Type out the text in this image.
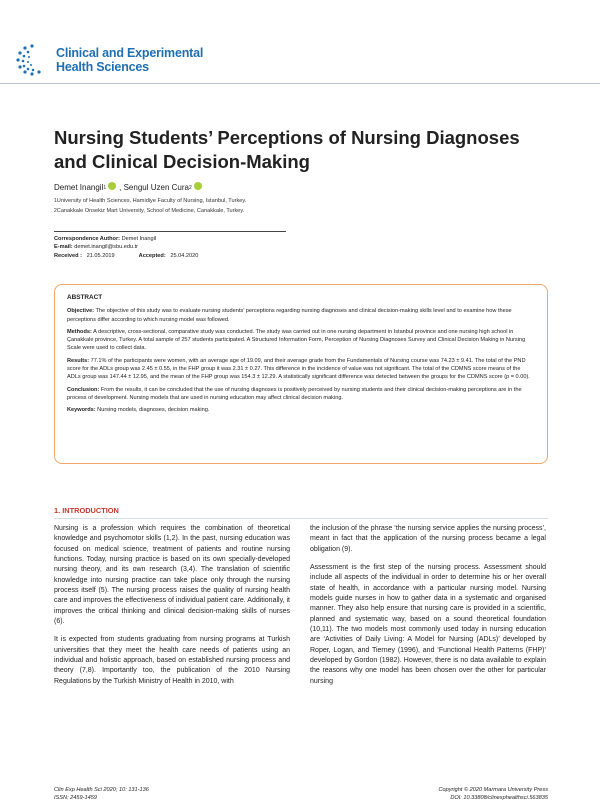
Clinical and Experimental
Health Sciences
Nursing Students’ Perceptions of Nursing Diagnoses and Clinical Decision-Making
Demet Inangil 1 , Sengul Uzen Cura 2
$^1$University of Health Sciences, Hamidiye Faculty of Nursing, Istanbul, Turkey.
$^2$Canakkale Onsekiz Mart University, School of Medicine, Canakkale, Turkey.
Correspondence Author: Demet Inangil
E-mail: demet.inangil@sbu.edu.tr
Received :
21.05.2019	Accepted:
25.04.2020
ABSTRACT

Objective: The objective of this study was to evaluate nursing students’ perceptions regarding nursing diagnoses and clinical decision-making skills level and to examine how these perceptions differ according to which nursing model was followed.

Methods: A descriptive, cross-sectional, comparative study was conducted. The study was carried out in one nursing department in Istanbul province and one nursing high school in Çanakkale province, Turkey. A total sample of 257 students participated. A Structured Information Form, Perception of Nursing Diagnoses Survey and Clinical Decision Making in Nursing Scale were used to collect data.

Results: 77.1% of the participants were women, with an average age of 19.09, and their average grade from the Fundamentals of Nursing course was 74.23 ± 9.41. The total of the PND score for the ADLs group was 2.45 ± 0.55, in the FHP group it was 2.31 ± 0.27. This difference in the incidence of value was not significant. The total of the CDMNS score means of the ADLs group was 147.44 ± 12.95, and the mean of the FHP group was 154.3 ± 12.29. A statistically significant difference was detected between the groups for the CDMNS score (p = 0.00).

Conclusion: From the results, it can be concluded that the use of nursing diagnoses is positively perceived by nursing students and their clinical decision-making perceptions are in the process of development. Nursing models that are used in nursing education may affect clinical decision making.

Keywords: Nursing models, diagnoses, decision making.

1. INTRODUCTION

Nursing is a profession which requires the combination of theoretical knowledge and psychomotor skills (1,2). In the past, nursing education was focused on medical science, treatment of patients and routine nursing functions. Today, nursing practice is based on its own specially-developed nursing theory, and its own research (3,4). The translation of scientific knowledge into nursing practice can take place only through the nursing process itself (5). The nursing process raises the quality of nursing health care and improves the effectiveness of individual patient care. Additionally, it improves the critical thinking and clinical decision-making skills of nurses (6).

It is expected from students graduating from nursing programs at Turkish universities that they meet the health care needs of patients using an individual and holistic approach, based on established nursing process and theory (7,8). Importantly too, the publication of the 2010 Nursing Regulations by the Turkish Ministry of Health in 2010, with

the inclusion of the phrase ‘the nursing service applies the nursing process’, meant in fact that the application of the nursing process became a legal obligation (9).

Assessment is the first step of the nursing process. Assessment should include all aspects of the individual in order to determine his or her overall state of health, in accordance with a particular nursing model. Nursing models guide nurses in how to gather data in a systematic and organised manner. They also help ensure that nursing care is provided in a scientific, planned and systematic way, based on a sound theoretical foundation (10,11). The two models most commonly used today in nursing education are ‘Activities of Daily Living: A Model for Nursing (ADLs)’ developed by Roper, Logan, and Tierney (1996), and ‘Functional Health Patterns (FHP)’ developed by Gordon (1982). However, there is no data available to explain the reasons why one model has been chosen over the other for particular nursing

Clin Exp Health Sci 2020; 10: 131-136	Copyright © 2020 Marmara University Press
ISSN: 2459-1459	DOI: 10.33808/clinexphealthsci.563835
